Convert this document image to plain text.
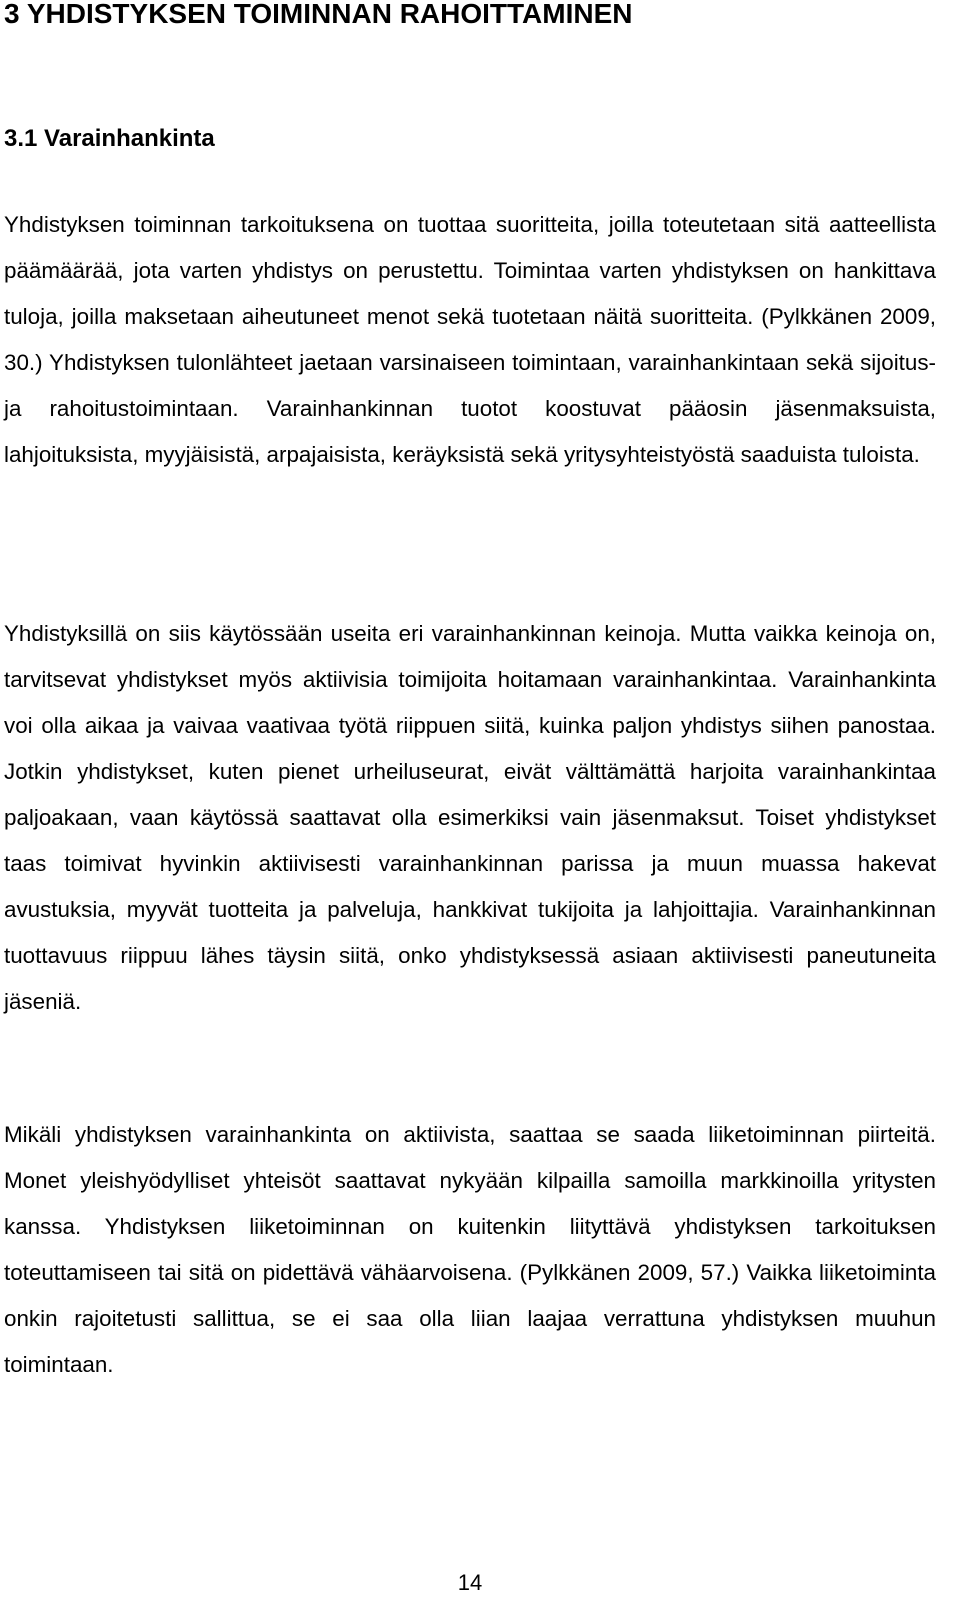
3 YHDISTYKSEN TOIMINNAN RAHOITTAMINEN
3.1 Varainhankinta

Yhdistyksen toiminnan tarkoituksena on tuottaa suoritteita, joilla toteutetaan sitä aatteellista päämäärää, jota varten yhdistys on perustettu. Toimintaa varten yhdistyksen on hankittava tuloja, joilla maksetaan aiheutuneet menot sekä tuotetaan näitä suoritteita. (Pylkkänen 2009, 30.) Yhdistyksen tulonlähteet jaetaan varsinaiseen toimintaan, varainhankintaan sekä sijoitus- ja rahoitustoimintaan. Varainhankinnan tuotot koostuvat pääosin jäsenmaksuista, lahjoituksista, myyjäisistä, arpajaisista, keräyksistä sekä yritysyhteistyöstä saaduista tuloista.

Yhdistyksillä on siis käytössään useita eri varainhankinnan keinoja. Mutta vaikka keinoja on, tarvitsevat yhdistykset myös aktiivisia toimijoita hoitamaan varainhankintaa. Varainhankinta voi olla aikaa ja vaivaa vaativaa työtä riippuen siitä, kuinka paljon yhdistys siihen panostaa. Jotkin yhdistykset, kuten pienet urheiluseurat, eivät välttämättä harjoita varainhankintaa paljoakaan, vaan käytössä saattavat olla esimerkiksi vain jäsenmaksut. Toiset yhdistykset taas toimivat hyvinkin aktiivisesti varainhankinnan parissa ja muun muassa hakevat avustuksia, myyvät tuotteita ja palveluja, hankkivat tukijoita ja lahjoittajia. Varainhankinnan tuottavuus riippuu lähes täysin siitä, onko yhdistyksessä asiaan aktiivisesti paneutuneita jäseniä.

Mikäli yhdistyksen varainhankinta on aktiivista, saattaa se saada liiketoiminnan piirteitä. Monet yleishyödylliset yhteisöt saattavat nykyään kilpailla samoilla markkinoilla yritysten kanssa. Yhdistyksen liiketoiminnan on kuitenkin liityttävä yhdistyksen tarkoituksen toteuttamiseen tai sitä on pidettävä vähäarvoisena. (Pylkkänen 2009, 57.) Vaikka liiketoiminta onkin rajoitetusti sallittua, se ei saa olla liian laajaa verrattuna yhdistyksen muuhun toimintaan.

14
